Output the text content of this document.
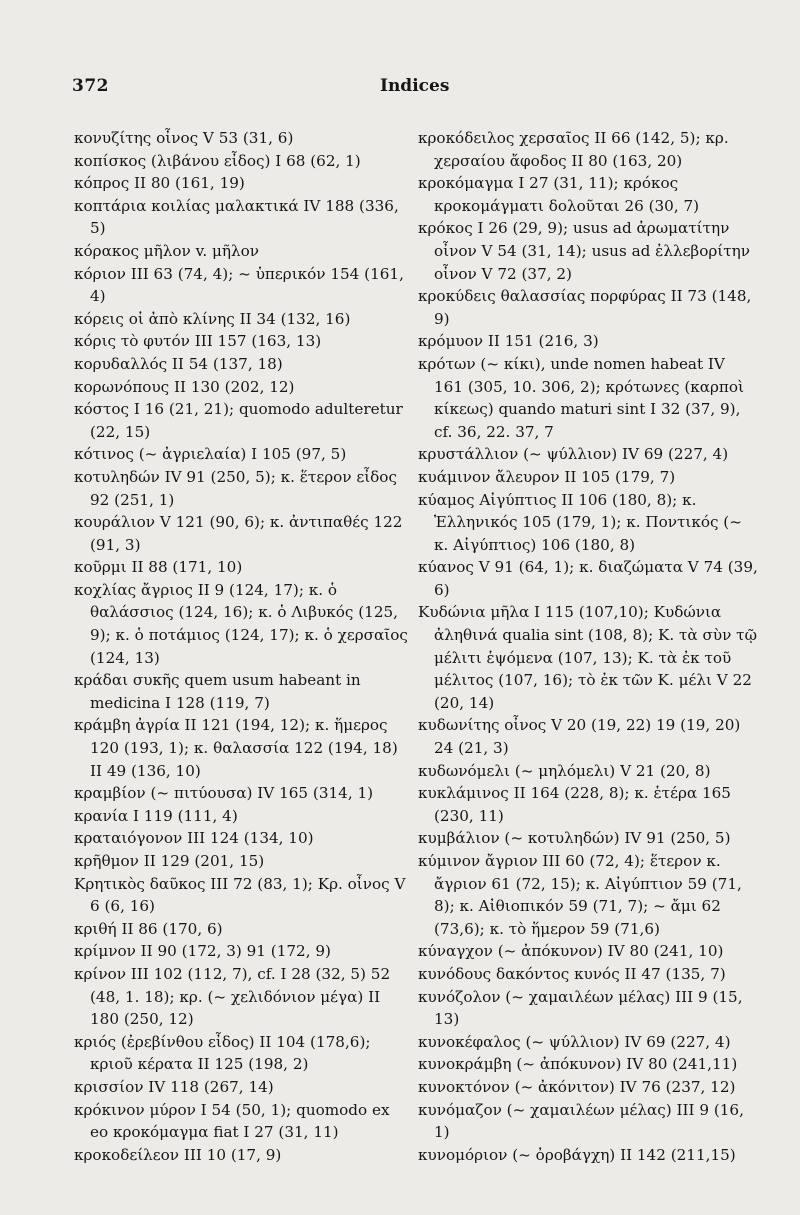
372	Indices

κονυζίτης οἶνος V 53 (31, 6)

κοπίσκος (λιβάνου εἶδος) I 68 (62, 1)

κόπρος II 80 (161, 19)

κοπτάρια κοιλίας μαλακτικά IV 188 (336, 5)

κόρακος μῆλον v. μῆλον

κόριον III 63 (74, 4); ~ ὑπερικόν 154 (161, 4)

κόρεις οἱ ἀπὸ κλίνης II 34 (132, 16)

κόρις τὸ φυτόν III 157 (163, 13)

κορυδαλλός II 54 (137, 18)

κορωνόπους II 130 (202, 12)

κόστος I 16 (21, 21); quomodo adulteretur (22, 15)

κότινος (~ ἀγριελαία) I 105 (97, 5)

κοτυληδών IV 91 (250, 5); κ. ἕτερον εἶδος 92 (251, 1)

κουράλιον V 121 (90, 6); κ. ἀντιπαθές 122 (91, 3)

κοῦρμι II 88 (171, 10)

κοχλίας ἄγριος II 9 (124, 17); κ. ὁ θαλάσσιος (124, 16); κ. ὁ Λιβυκός (125, 9); κ. ὁ ποτάμιος (124, 17); κ. ὁ χερσαῖος (124, 13)

κράδαι συκῆς quem usum habeant in medicina I 128 (119, 7)

κράμβη ἀγρία II 121 (194, 12); κ. ἥμερος 120 (193, 1); κ. θαλασσία 122 (194, 18) II 49 (136, 10)

κραμβίον (~ πιτύουσα) IV 165 (314, 1)

κρανία I 119 (111, 4)

κραταιόγονον III 124 (134, 10)

κρῆθμον II 129 (201, 15)

Κρητικὸς δαῦκος III 72 (83, 1); Κρ. οἶνος V 6 (6, 16)

κριθή II 86 (170, 6)

κρίμνον II 90 (172, 3) 91 (172, 9)

κρίνον III 102 (112, 7), cf. I 28 (32, 5) 52 (48, 1. 18); κρ. (~ χελιδόνιον μέγα) II 180 (250, 12)

κριός (ἐρεβίνθου εἶδος) II 104 (178,6); κριοῦ κέρατα II 125 (198, 2)

κρισσίον IV 118 (267, 14)

κρόκινον μύρον I 54 (50, 1); quomodo ex eo κροκόμαγμα fiat I 27 (31, 11)

κροκοδείλεον III 10 (17, 9)

κροκόδειλος χερσαῖος II 66 (142, 5); κρ. χερσαίου ἄφοδος II 80 (163, 20)

κροκόμαγμα I 27 (31, 11); κρόκος κροκομάγματι δολοῦται 26 (30, 7)

κρόκος I 26 (29, 9); usus ad ἀρωματίτην οἶνον V 54 (31, 14); usus ad ἐλλεβορίτην οἶνον V 72 (37, 2)

κροκύδεις θαλασσίας πορφύρας II 73 (148, 9)

κρόμυον II 151 (216, 3)

κρότων (~ κίκι), unde nomen habeat IV 161 (305, 10. 306, 2); κρότωνες (καρποὶ κίκεως) quando maturi sint I 32 (37, 9), cf. 36, 22. 37, 7

κρυστάλλιον (~ ψύλλιον) IV 69 (227, 4)

κυάμινον ἄλευρον II 105 (179, 7)

κύαμος Αἰγύπτιος II 106 (180, 8); κ. Ἑλληνικός 105 (179, 1); κ. Ποντικός (~ κ. Αἰγύπτιος) 106 (180, 8)

κύανος V 91 (64, 1); κ. διαζώματα V 74 (39, 6)

Κυδώνια μῆλα I 115 (107,10); Κυδώνια ἀληθινά qualia sint (108, 8); Κ. τὰ σὺν τῷ μέλιτι ἑψόμενα (107, 13); Κ. τὰ ἐκ τοῦ μέλιτος (107, 16); τὸ ἐκ τῶν Κ. μέλι V 22 (20, 14)

κυδωνίτης οἶνος V 20 (19, 22) 19 (19, 20) 24 (21, 3)

κυδωνόμελι (~ μηλόμελι) V 21 (20, 8)

κυκλάμινος II 164 (228, 8); κ. ἑτέρα 165 (230, 11)

κυμβάλιον (~ κοτυληδών) IV 91 (250, 5)

κύμινον ἄγριον III 60 (72, 4); ἕτερον κ. ἄγριον 61 (72, 15); κ. Αἰγύπτιον 59 (71, 8); κ. Αἰθιοπικόν 59 (71, 7); ~ ἄμι 62 (73,6); κ. τὸ ἥμερον 59 (71,6)

κύναγχον (~ ἀπόκυνον) IV 80 (241, 10)

κυνόδους δακόντος κυνός II 47 (135, 7)

κυνόζολον (~ χαμαιλέων μέλας) III 9 (15, 13)

κυνοκέφαλος (~ ψύλλιον) IV 69 (227, 4)

κυνοκράμβη (~ ἀπόκυνον) IV 80 (241,11)

κυνοκτόνον (~ ἀκόνιτον) IV 76 (237, 12)

κυνόμαζον (~ χαμαιλέων μέλας) III 9 (16, 1)

κυνομόριον (~ ὀροβάγχη) II 142 (211,15)
